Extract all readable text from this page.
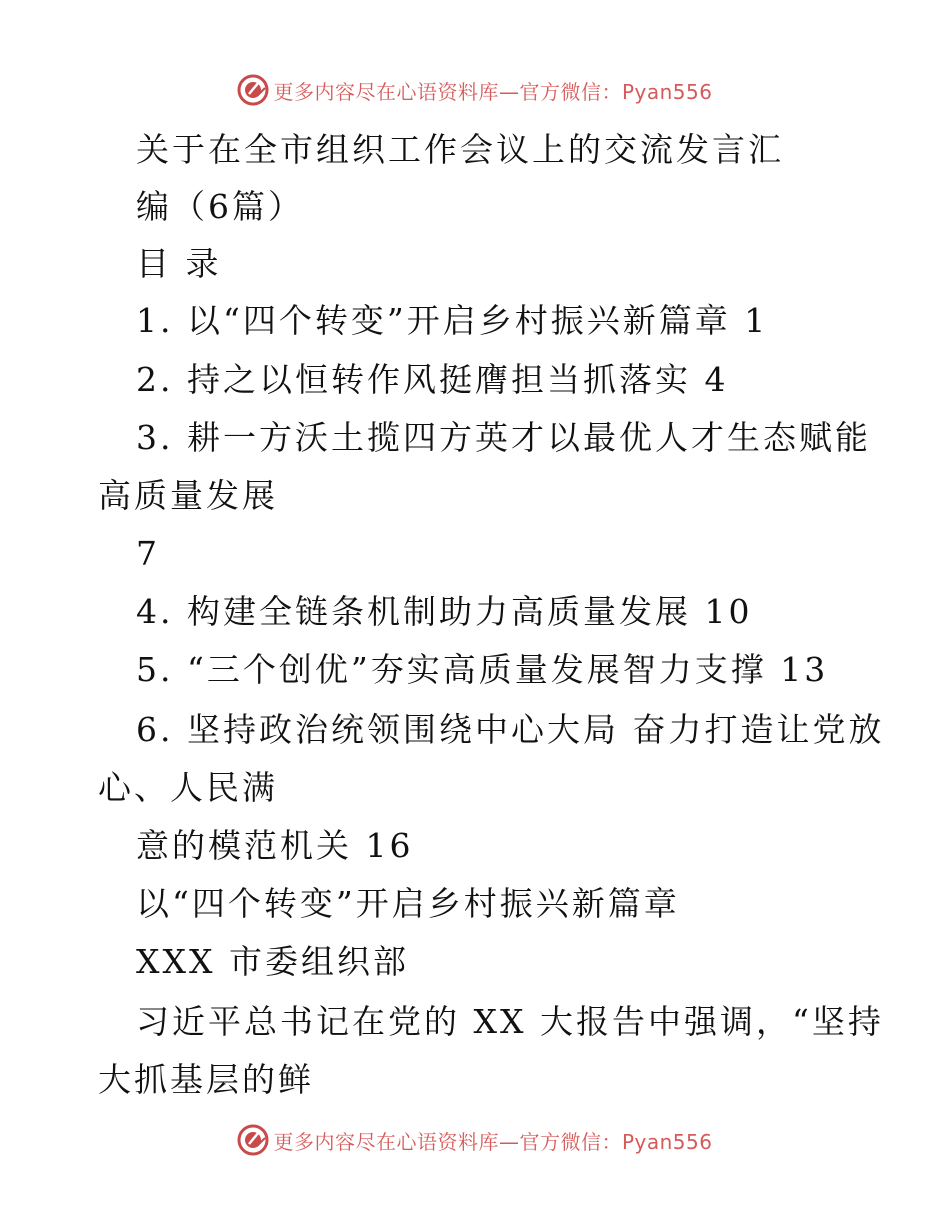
更多内容尽在心语资料库—官方微信：Pyan556
关于在全市组织工作会议上的交流发言汇
编（6篇）
目 录
1. 以“四个转变”开启乡村振兴新篇章 1
2. 持之以恒转作风挺膺担当抓落实 4
3. 耕一方沃土揽四方英才以最优人才生态赋能
高质量发展
7
4. 构建全链条机制助力高质量发展 10
5. “三个创优”夯实高质量发展智力支撑 13
6. 坚持政治统领围绕中心大局 奋力打造让党放
心、人民满
意的模范机关 16
以“四个转变”开启乡村振兴新篇章
XXX 市委组织部
习近平总书记在党的 XX 大报告中强调，“坚持
大抓基层的鲜
更多内容尽在心语资料库—官方微信：Pyan556
